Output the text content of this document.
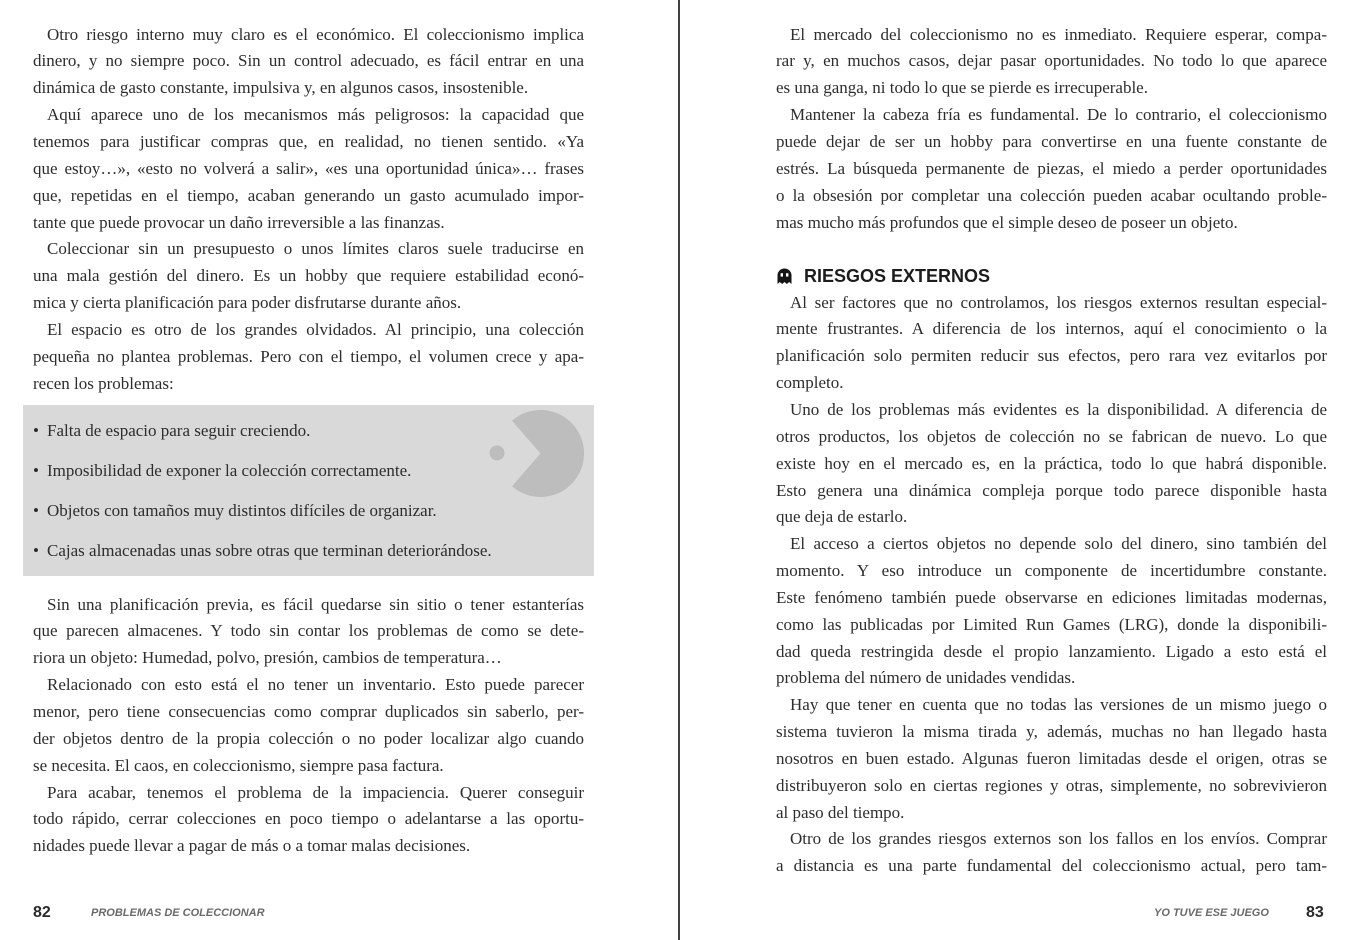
Otro riesgo interno muy claro es el económico. El coleccionismo implica
dinero, y no siempre poco. Sin un control adecuado, es fácil entrar en una
dinámica de gasto constante, impulsiva y, en algunos casos, insostenible.
Aquí aparece uno de los mecanismos más peligrosos: la capacidad que
tenemos para justificar compras que, en realidad, no tienen sentido. «Ya
que estoy…», «esto no volverá a salir», «es una oportunidad única»… frases
que, repetidas en el tiempo, acaban generando un gasto acumulado impor-
tante que puede provocar un daño irreversible a las finanzas.
Coleccionar sin un presupuesto o unos límites claros suele traducirse en
una mala gestión del dinero. Es un hobby que requiere estabilidad econó-
mica y cierta planificación para poder disfrutarse durante años.
El espacio es otro de los grandes olvidados. Al principio, una colección
pequeña no plantea problemas. Pero con el tiempo, el volumen crece y apa-
recen los problemas:
• Falta de espacio para seguir creciendo.
• Imposibilidad de exponer la colección correctamente.
• Objetos con tamaños muy distintos difíciles de organizar.
• Cajas almacenadas unas sobre otras que terminan deteriorándose.
Sin una planificación previa, es fácil quedarse sin sitio o tener estanterías
que parecen almacenes. Y todo sin contar los problemas de como se dete-
riora un objeto: Humedad, polvo, presión, cambios de temperatura…
Relacionado con esto está el no tener un inventario. Esto puede parecer
menor, pero tiene consecuencias como comprar duplicados sin saberlo, per-
der objetos dentro de la propia colección o no poder localizar algo cuando
se necesita. El caos, en coleccionismo, siempre pasa factura.
Para acabar, tenemos el problema de la impaciencia. Querer conseguir
todo rápido, cerrar colecciones en poco tiempo o adelantarse a las oportu-
nidades puede llevar a pagar de más o a tomar malas decisiones.
82	PROBLEMAS DE COLECCIONAR
El mercado del coleccionismo no es inmediato. Requiere esperar, compa-
rar y, en muchos casos, dejar pasar oportunidades. No todo lo que aparece
es una ganga, ni todo lo que se pierde es irrecuperable.
Mantener la cabeza fría es fundamental. De lo contrario, el coleccionismo
puede dejar de ser un hobby para convertirse en una fuente constante de
estrés. La búsqueda permanente de piezas, el miedo a perder oportunidades
o la obsesión por completar una colección pueden acabar ocultando proble-
mas mucho más profundos que el simple deseo de poseer un objeto.
RIESGOS EXTERNOS
Al ser factores que no controlamos, los riesgos externos resultan especial-
mente frustrantes. A diferencia de los internos, aquí el conocimiento o la
planificación solo permiten reducir sus efectos, pero rara vez evitarlos por
completo.
Uno de los problemas más evidentes es la disponibilidad. A diferencia de
otros productos, los objetos de colección no se fabrican de nuevo. Lo que
existe hoy en el mercado es, en la práctica, todo lo que habrá disponible.
Esto genera una dinámica compleja porque todo parece disponible hasta
que deja de estarlo.
El acceso a ciertos objetos no depende solo del dinero, sino también del
momento. Y eso introduce un componente de incertidumbre constante.
Este fenómeno también puede observarse en ediciones limitadas modernas,
como las publicadas por Limited Run Games (LRG), donde la disponibili-
dad queda restringida desde el propio lanzamiento. Ligado a esto está el
problema del número de unidades vendidas.
Hay que tener en cuenta que no todas las versiones de un mismo juego o
sistema tuvieron la misma tirada y, además, muchas no han llegado hasta
nosotros en buen estado. Algunas fueron limitadas desde el origen, otras se
distribuyeron solo en ciertas regiones y otras, simplemente, no sobrevivieron
al paso del tiempo.
Otro de los grandes riesgos externos son los fallos en los envíos. Comprar
a distancia es una parte fundamental del coleccionismo actual, pero tam-
YO TUVE ESE JUEGO 83
